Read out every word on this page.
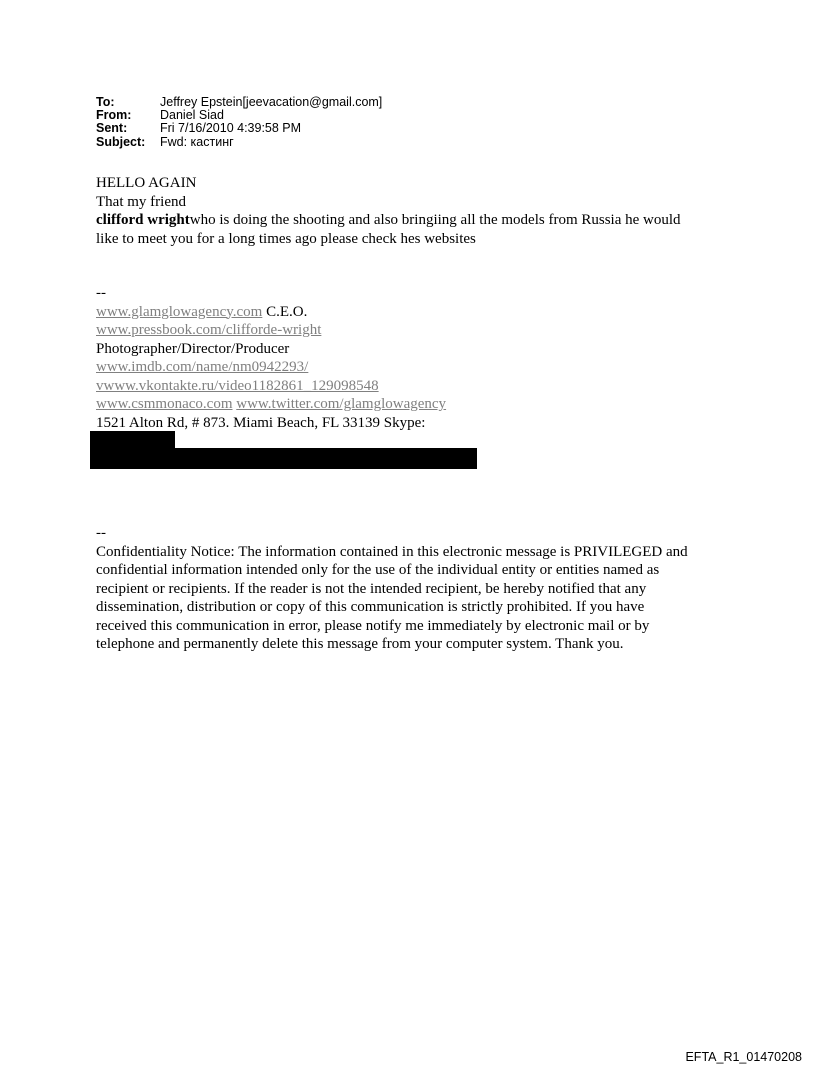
To:	Jeffrey Epstein[jeevacation@gmail.com]
From:	Daniel Siad
Sent:	Fri 7/16/2010 4:39:58 PM
Subject:	Fwd: кастинг
HELLO AGAIN
That my friend
clifford wrightwho is doing the shooting and also bringiing all the models from Russia he would
like to meet you for a long times ago please check hes websites
--
www.glamglowagency.com C.E.O.
www.pressbook.com/clifforde-wright
Photographer/Director/Producer
www.imdb.com/name/nm0942293/
vwww.vkontakte.ru/video1182861_129098548
www.csmmonaco.com www.twitter.com/glamglowagency
1521 Alton Rd, # 873. Miami Beach, FL 33139 Skype:
--
Confidentiality Notice: The information contained in this electronic message is PRIVILEGED and
confidential information intended only for the use of the individual entity or entities named as
recipient or recipients. If the reader is not the intended recipient, be hereby notified that any
dissemination, distribution or copy of this communication is strictly prohibited. If you have
received this communication in error, please notify me immediately by electronic mail or by
telephone and permanently delete this message from your computer system. Thank you.
EFTA_R1_01470208
